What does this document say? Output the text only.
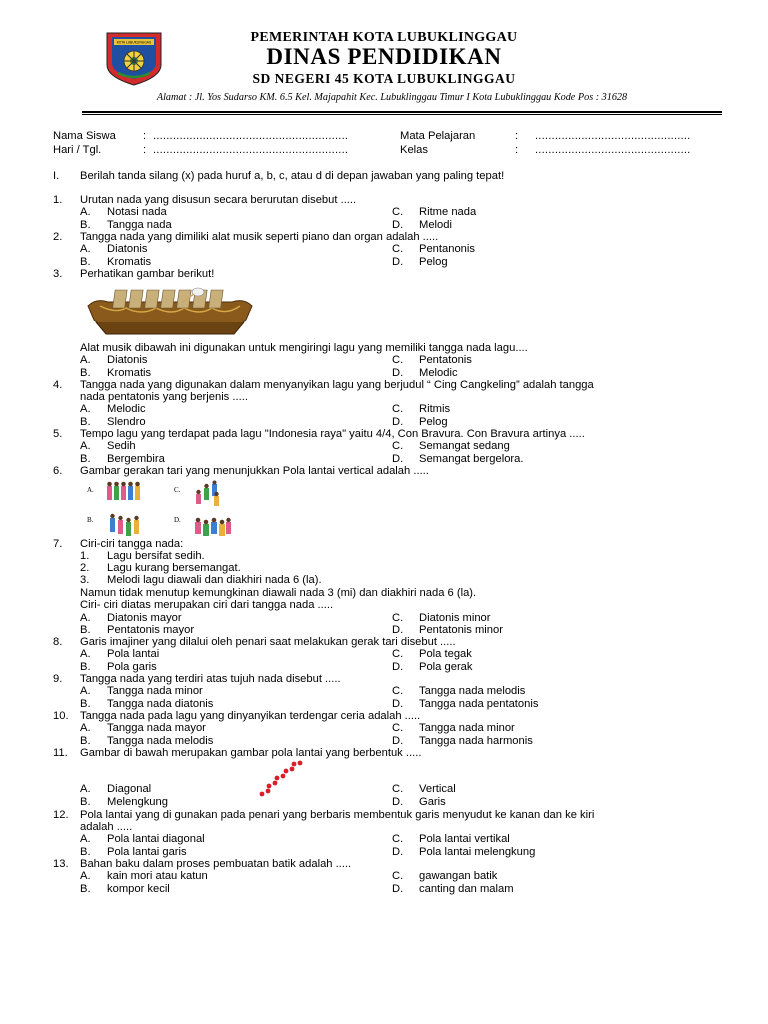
KOTA LUBUKLINGGAU	PEMERINTAH KOTA LUBUKLINGGAU
DINAS PENDIDIKAN
SD NEGERI 45 KOTA LUBUKLINGGAU
Alamat : Jl. Yos Sudarso KM. 6.5 Kel. Majapahit Kec. Lubuklinggau Timur I Kota Lubuklinggau Kode Pos : 31628
Nama Siswa : ...........................................................	Mata Pelajaran	: ...............................................
Hari / Tgl.	: ...........................................................	Kelas	: ...............................................
I. Berilah tanda silang (x) pada huruf a, b, c, atau d di depan jawaban yang paling tepat!
1. Urutan nada yang disusun secara berurutan disebut .....
A. Notasi nada	C. Ritme nada
B. Tangga nada	D. Melodi
2. Tangga nada yang dimiliki alat musik seperti piano dan organ adalah .....
A. Diatonis	C. Pentanonis
B. Kromatis	D. Pelog
3. Perhatikan gambar berikut!
Alat musik dibawah ini digunakan untuk mengiringi lagu yang memiliki tangga nada lagu....
A. Diatonis	C. Pentatonis
B. Kromatis	D. Melodic
4. Tangga nada yang digunakan dalam menyanyikan lagu yang berjudul “ Cing Cangkeling” adalah tangga
nada pentatonis yang berjenis .....
A. Melodic	C. Ritmis
B. Slendro	D. Pelog
5. Tempo lagu yang terdapat pada lagu "Indonesia raya" yaitu 4/4, Con Bravura. Con Bravura artinya .....
A. Sedih	C. Semangat sedang
B. Bergembira	D. Semangat bergelora.
6. Gambar gerakan tari yang menunjukkan Pola lantai vertical adalah .....
A.	C.
B.	D.
7. Ciri-ciri tangga nada:
1. Lagu bersifat sedih.
2. Lagu kurang bersemangat.
3. Melodi lagu diawali dan diakhiri nada 6 (la).
Namun tidak menutup kemungkinan diawali nada 3 (mi) dan diakhiri nada 6 (la).
Ciri- ciri diatas merupakan ciri dari tangga nada .....
A. Diatonis mayor	C. Diatonis minor
B. Pentatonis mayor	D. Pentatonis minor
8. Garis imajiner yang dilalui oleh penari saat melakukan gerak tari disebut .....
A. Pola lantai	C. Pola tegak
B. Pola garis	D. Pola gerak
9. Tangga nada yang terdiri atas tujuh nada disebut .....
A. Tangga nada minor	C. Tangga nada melodis
B. Tangga nada diatonis	D. Tangga nada pentatonis
10. Tangga nada pada lagu yang dinyanyikan terdengar ceria adalah .....
A. Tangga nada mayor	C. Tangga nada minor
B. Tangga nada melodis	D. Tangga nada harmonis
11. Gambar di bawah merupakan gambar pola lantai yang berbentuk .....
A. Diagonal	C. Vertical
B. Melengkung	D. Garis
12. Pola lantai yang di gunakan pada penari yang berbaris membentuk garis menyudut ke kanan dan ke kiri
adalah .....
A. Pola lantai diagonal	C. Pola lantai vertikal
B. Pola lantai garis	D. Pola lantai melengkung
13. Bahan baku dalam proses pembuatan batik adalah .....
A. kain mori atau katun	C. gawangan batik
B. kompor kecil	D. canting dan malam
